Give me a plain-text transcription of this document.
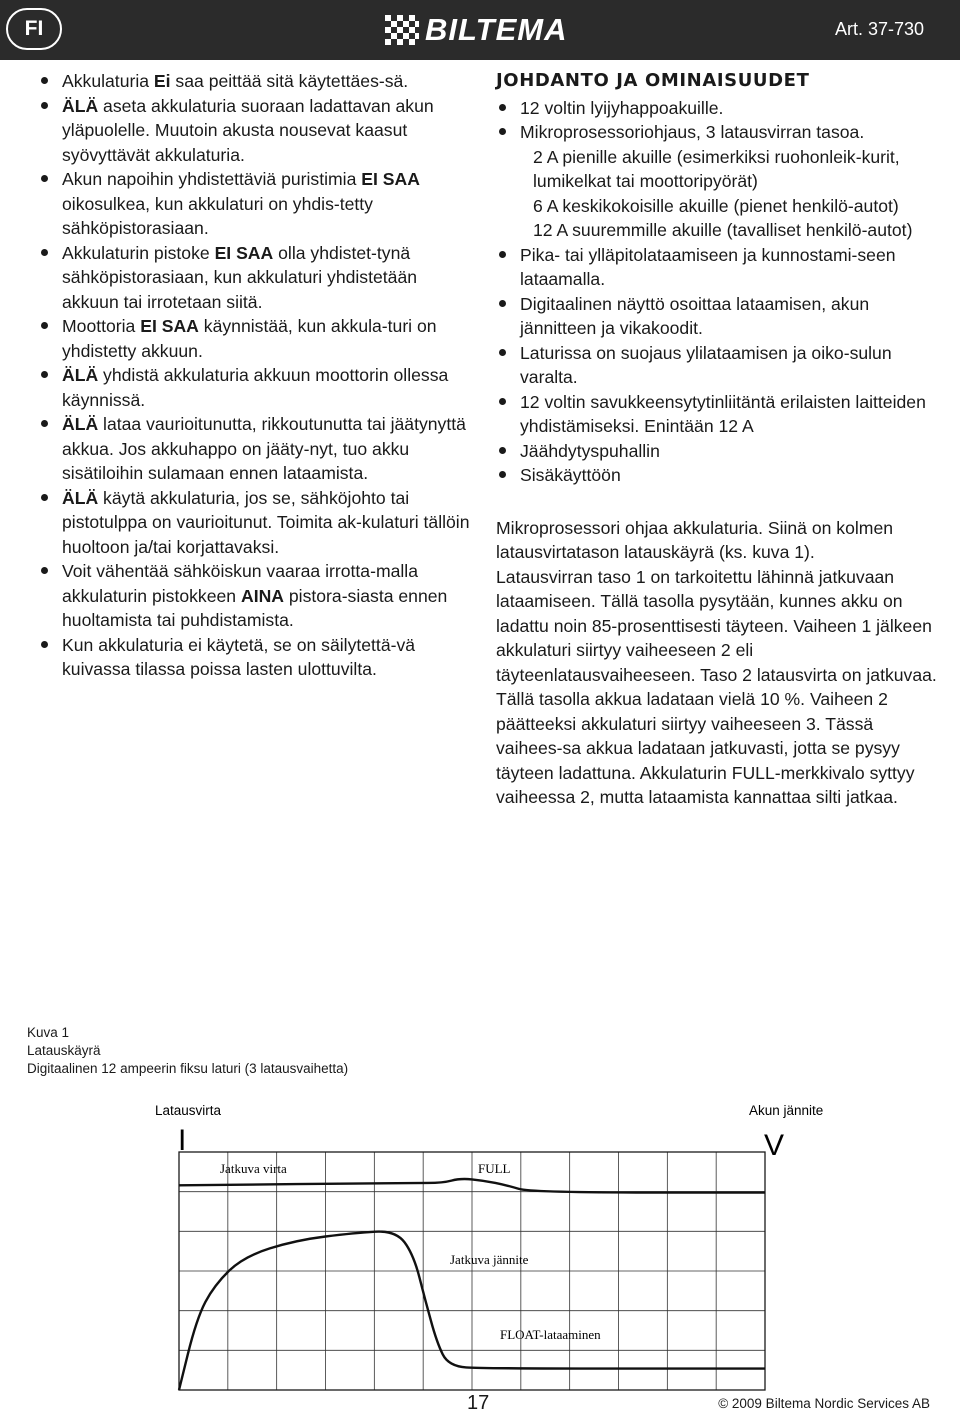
FI	BILTEMA	Art. 37-730
Akkulaturia Ei saa peittää sitä käytettäes-sä.
ÄLÄ aseta akkulaturia suoraan ladattavan akun yläpuolelle. Muutoin akusta nousevat kaasut syövyttävät akkulaturia.
Akun napoihin yhdistettäviä puristimia EI SAA oikosulkea, kun akkulaturi on yhdis-tetty sähköpistorasiaan.
Akkulaturin pistoke EI SAA olla yhdistet-tynä sähköpistorasiaan, kun akkulaturi yhdistetään akkuun tai irrotetaan siitä.
Moottoria EI SAA käynnistää, kun akkula-turi on yhdistetty akkuun.
ÄLÄ yhdistä akkulaturia akkuun moottorin ollessa käynnissä.
ÄLÄ lataa vaurioitunutta, rikkoutunutta tai jäätynyttä akkua. Jos akkuhappo on jääty-nyt, tuo akku sisätiloihin sulamaan ennen lataamista.
ÄLÄ käytä akkulaturia, jos se, sähköjohto tai pistotulppa on vaurioitunut. Toimita ak-kulaturi tällöin huoltoon ja/tai korjattavaksi.
Voit vähentää sähköiskun vaaraa irrotta-malla akkulaturin pistokkeen AINA pistora-siasta ennen huoltamista tai puhdistamista.
Kun akkulaturia ei käytetä, se on säilytettä-vä kuivassa tilassa poissa lasten ulottuvilta.
JOHDANTO JA OMINAISUUDET
12 voltin lyijyhappoakuille.
Mikroprosessoriohjaus, 3 latausvirran tasoa.
2 A pienille akuille (esimerkiksi ruohonleik-kurit, lumikelkat tai moottoripyörät)
6 A keskikokoisille akuille (pienet henkilö-autot)
12 A suuremmille akuille (tavalliset henkilö-autot)
Pika- tai ylläpitolataamiseen ja kunnostami-seen lataamalla.
Digitaalinen näyttö osoittaa lataamisen, akun jännitteen ja vikakoodit.
Laturissa on suojaus ylilataamisen ja oiko-sulun varalta.
12 voltin savukkeensytytinliitäntä erilaisten laitteiden yhdistämiseksi. Enintään 12 A
Jäähdytyspuhallin
Sisäkäyttöön

Mikroprosessori ohjaa akkulaturia. Siinä on kolmen latausvirtatason latauskäyrä (ks. kuva 1).

Latausvirran taso 1 on tarkoitettu lähinnä jatkuvaan lataamiseen. Tällä tasolla pysytään, kunnes akku on ladattu noin 85-prosenttisesti täyteen. Vaiheen 1 jälkeen akkulaturi siirtyy vaiheeseen 2 eli täyteenlatausvaiheeseen. Taso 2 latausvirta on jatkuvaa. Tällä tasolla akkua ladataan vielä 10 %. Vaiheen 2 päätteeksi akkulaturi siirtyy vaiheeseen 3. Tässä vaihees-sa akkua ladataan jatkuvasti, jotta se pysyy täyteen ladattuna. Akkulaturin FULL-merkkivalo syttyy vaiheessa 2, mutta lataamista kannattaa silti jatkaa.

Kuva 1
Latauskäyrä
Digitaalinen 12 ampeerin fiksu laturi (3 latausvaihetta)
Latausvirta
I
Akun jännite
V
Jatkuva virta	FULL
Jatkuva jännite
FLOAT-lataaminen
17	© 2009 Biltema Nordic Services AB
